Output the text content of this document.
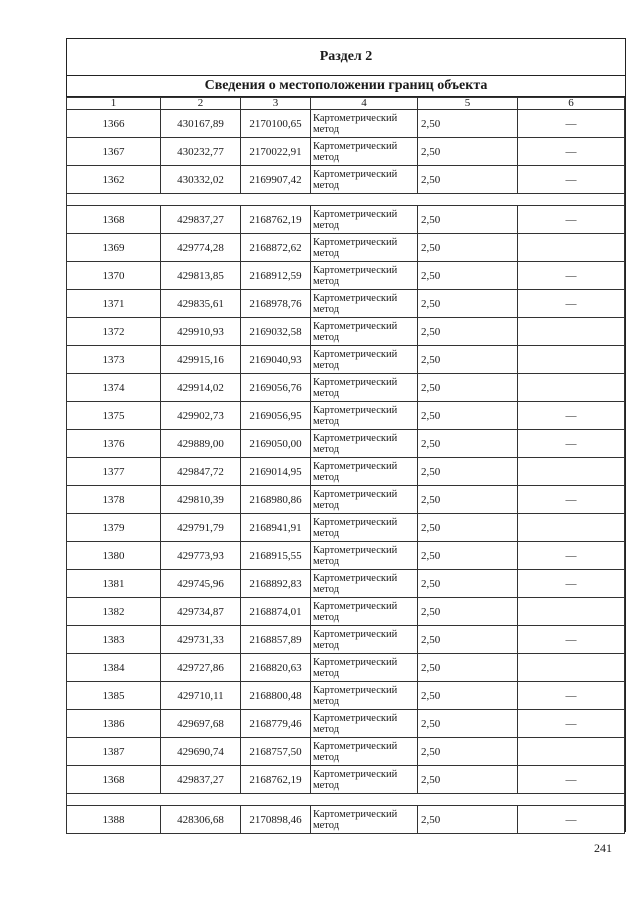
Раздел 2
Сведения о местоположении границ объекта
1	2	3	4	5	6
1366	430167,89	2170100,65	Картометрический метод	2,50	—
1367	430232,77	2170022,91	Картометрический метод	2,50	—
1362	430332,02	2169907,42	Картометрический метод	2,50	—

1368	429837,27	2168762,19	Картометрический метод	2,50	—
1369	429774,28	2168872,62	Картометрический метод	2,50	
1370	429813,85	2168912,59	Картометрический метод	2,50	—
1371	429835,61	2168978,76	Картометрический метод	2,50	—
1372	429910,93	2169032,58	Картометрический метод	2,50	
1373	429915,16	2169040,93	Картометрический метод	2,50	
1374	429914,02	2169056,76	Картометрический метод	2,50	
1375	429902,73	2169056,95	Картометрический метод	2,50	—
1376	429889,00	2169050,00	Картометрический метод	2,50	—
1377	429847,72	2169014,95	Картометрический метод	2,50	
1378	429810,39	2168980,86	Картометрический метод	2,50	—
1379	429791,79	2168941,91	Картометрический метод	2,50	
1380	429773,93	2168915,55	Картометрический метод	2,50	—
1381	429745,96	2168892,83	Картометрический метод	2,50	—
1382	429734,87	2168874,01	Картометрический метод	2,50	
1383	429731,33	2168857,89	Картометрический метод	2,50	—
1384	429727,86	2168820,63	Картометрический метод	2,50	
1385	429710,11	2168800,48	Картометрический метод	2,50	—
1386	429697,68	2168779,46	Картометрический метод	2,50	—
1387	429690,74	2168757,50	Картометрический метод	2,50	
1368	429837,27	2168762,19	Картометрический метод	2,50	—

1388	428306,68	2170898,46	Картометрический метод	2,50	—
241
